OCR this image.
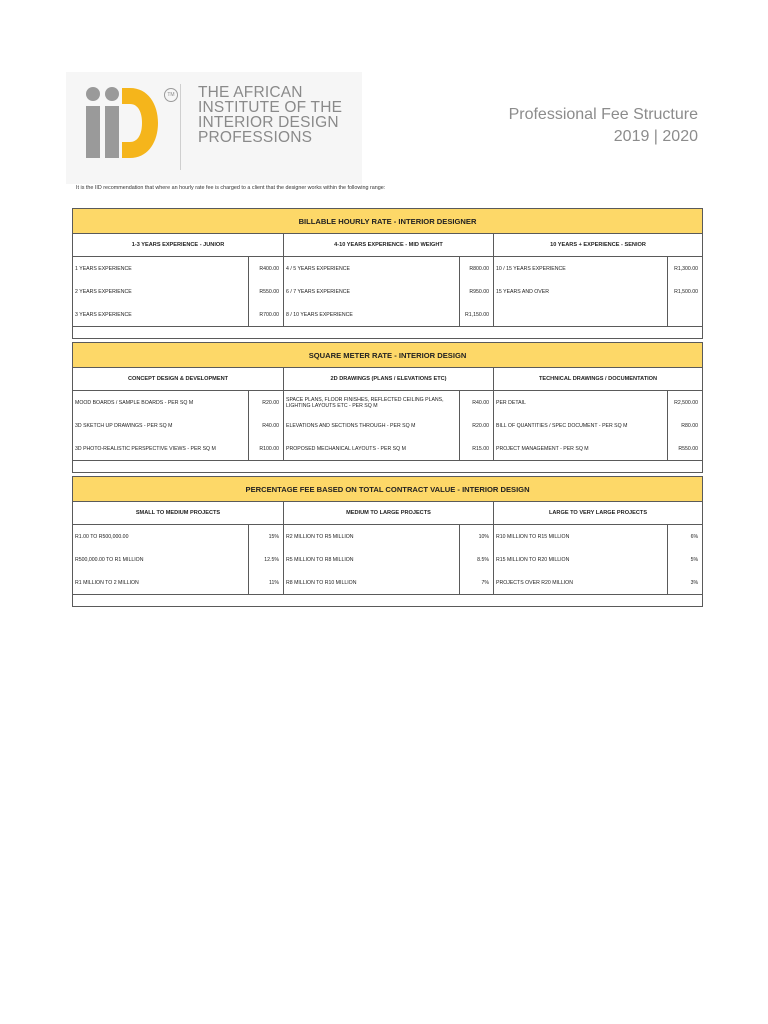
TM THE AFRICAN
INSTITUTE OF THE
INTERIOR DESIGN
PROFESSIONS
Professional Fee Structure
2019 | 2020
It is the IID recommendation that where an hourly rate fee is charged to a client that the designer works within the following range:
BILLABLE HOURLY RATE - INTERIOR DESIGNER					
1-3 YEARS EXPERIENCE - JUNIOR		4-10 YEARS EXPERIENCE - MID WEIGHT		10 YEARS + EXPERIENCE - SENIOR	
1 YEARS EXPERIENCE	R400.00	4 / 5 YEARS EXPERIENCE	R800.00	10 / 15 YEARS EXPERIENCE	R1,300.00
2 YEARS EXPERIENCE	R550.00	6 / 7 YEARS EXPERIENCE	R950.00	15 YEARS AND OVER	R1,500.00
3 YEARS EXPERIENCE	R700.00	8 / 10 YEARS EXPERIENCE	R1,150.00		

SQUARE METER RATE - INTERIOR DESIGN					
CONCEPT DESIGN & DEVELOPMENT		2D DRAWINGS (PLANS / ELEVATIONS ETC)		TECHNICAL DRAWINGS / DOCUMENTATION	
MOOD BOARDS / SAMPLE BOARDS - PER SQ M	R20.00	SPACE PLANS, FLOOR FINISHES, REFLECTED CEILING PLANS, LIGHTING LAYOUTS ETC - PER SQ M	R40.00	PER DETAIL	R2,500.00
3D SKETCH UP DRAWINGS - PER SQ M	R40.00	ELEVATIONS AND SECTIONS THROUGH - PER SQ M	R20.00	BILL OF QUANTITIES / SPEC DOCUMENT - PER SQ M	R80.00
3D PHOTO-REALISTIC PERSPECTIVE VIEWS - PER SQ M	R100.00	PROPOSED MECHANICAL LAYOUTS - PER SQ M	R15.00	PROJECT MANAGEMENT - PER SQ M	R550.00

PERCENTAGE FEE BASED ON TOTAL CONTRACT VALUE - INTERIOR DESIGN					
SMALL TO MEDIUM PROJECTS		MEDIUM TO LARGE PROJECTS		LARGE TO VERY LARGE PROJECTS	
R1.00 TO R500,000.00	15%	R2 MILLION TO R5 MILLION	10%	R10 MILLION TO R15 MILLION	6%
R500,000.00 TO R1 MILLION	12.5%	R5 MILLION TO R8 MILLION	8.5%	R15 MILLION TO R20 MILLION	5%
R1 MILLION TO 2 MILLION	11%	R8 MILLION TO R10 MILLION	7%	PROJECTS OVER R20 MILLION	3%
